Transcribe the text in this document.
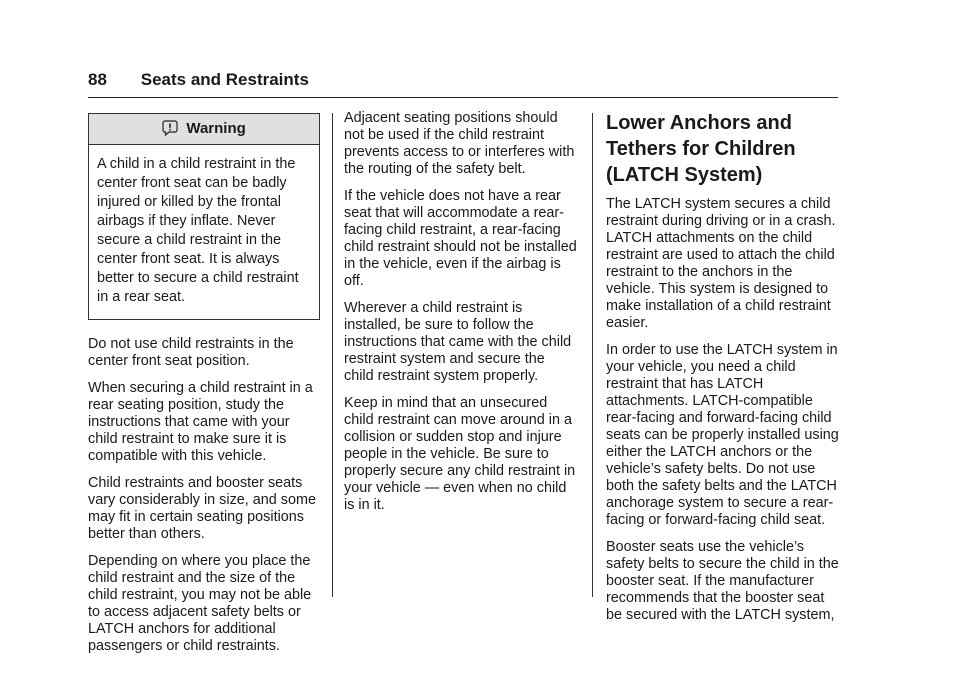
88 Seats and Restraints
Warning
A child in a child restraint in the center front seat can be badly injured or killed by the frontal airbags if they inflate. Never secure a child restraint in the center front seat. It is always better to secure a child restraint in a rear seat.

Do not use child restraints in the center front seat position.

When securing a child restraint in a rear seating position, study the instructions that came with your child restraint to make sure it is compatible with this vehicle.

Child restraints and booster seats vary considerably in size, and some may fit in certain seating positions better than others.

Depending on where you place the child restraint and the size of the child restraint, you may not be able to access adjacent safety belts or LATCH anchors for additional passengers or child restraints.

Adjacent seating positions should not be used if the child restraint prevents access to or interferes with the routing of the safety belt.

If the vehicle does not have a rear seat that will accommodate a rear-facing child restraint, a rear-facing child restraint should not be installed in the vehicle, even if the airbag is off.

Wherever a child restraint is installed, be sure to follow the instructions that came with the child restraint system and secure the child restraint system properly.

Keep in mind that an unsecured child restraint can move around in a collision or sudden stop and injure people in the vehicle. Be sure to properly secure any child restraint in your vehicle — even when no child is in it.

Lower Anchors and Tethers for Children (LATCH System)

The LATCH system secures a child restraint during driving or in a crash. LATCH attachments on the child restraint are used to attach the child restraint to the anchors in the vehicle. This system is designed to make installation of a child restraint easier.

In order to use the LATCH system in your vehicle, you need a child restraint that has LATCH attachments. LATCH-compatible rear-facing and forward-facing child seats can be properly installed using either the LATCH anchors or the vehicle’s safety belts. Do not use both the safety belts and the LATCH anchorage system to secure a rear-facing or forward-facing child seat.

Booster seats use the vehicle’s safety belts to secure the child in the booster seat. If the manufacturer recommends that the booster seat be secured with the LATCH system,
